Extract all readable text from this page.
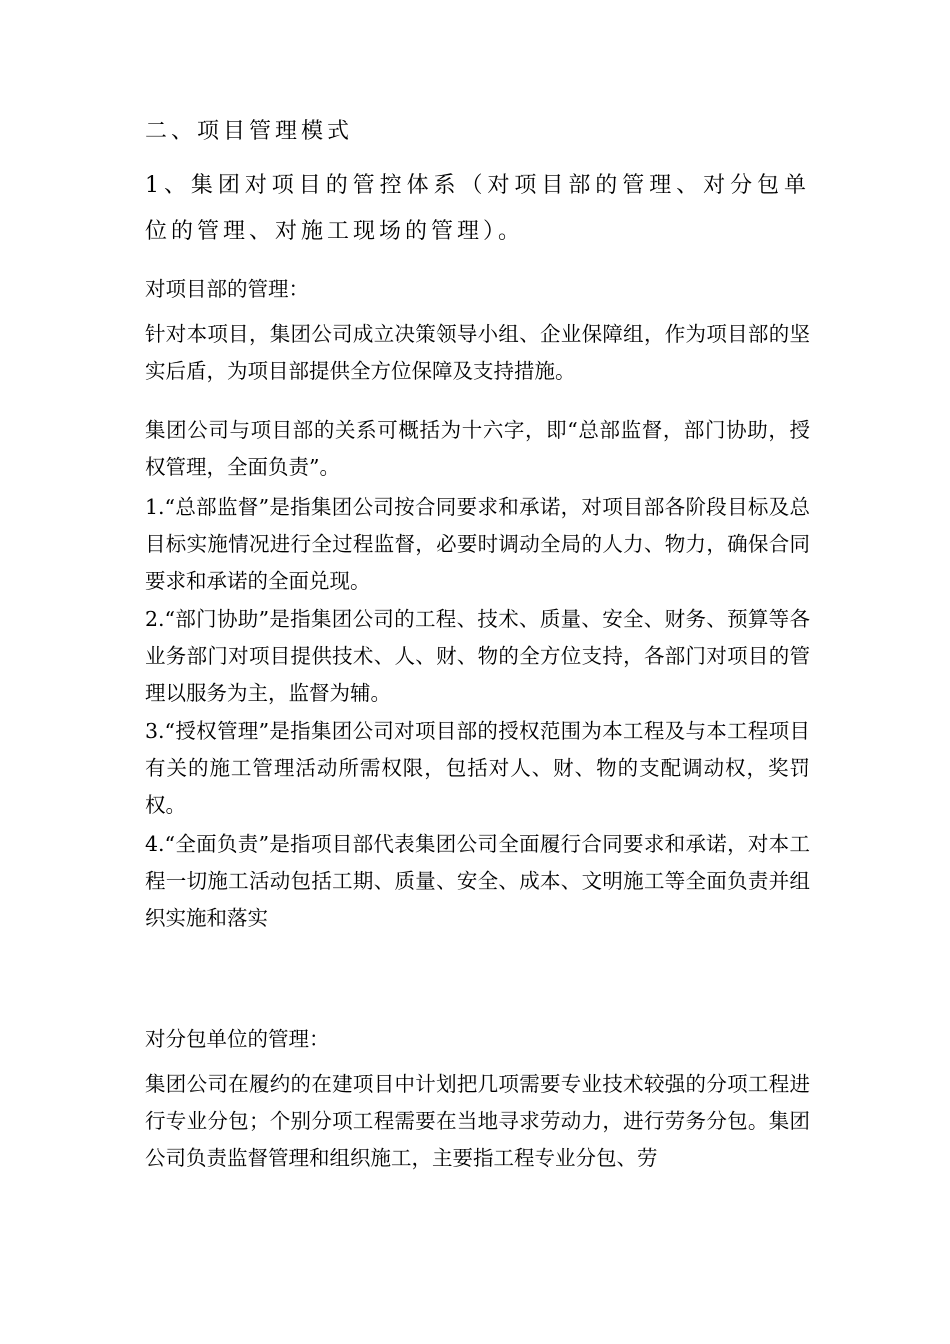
二、项目管理模式
1、集团对项目的管控体系（对项目部的管理、对分包单位的管理、对施工现场的管理）。
对项目部的管理：
针对本项目，集团公司成立决策领导小组、企业保障组，作为项目部的坚实后盾，为项目部提供全方位保障及支持措施。
集团公司与项目部的关系可概括为十六字，即“总部监督，部门协助，授权管理，全面负责”。
1.“总部监督”是指集团公司按合同要求和承诺，对项目部各阶段目标及总目标实施情况进行全过程监督，必要时调动全局的人力、物力，确保合同要求和承诺的全面兑现。
2.“部门协助”是指集团公司的工程、技术、质量、安全、财务、预算等各业务部门对项目提供技术、人、财、物的全方位支持，各部门对项目的管理以服务为主，监督为辅。
3.“授权管理”是指集团公司对项目部的授权范围为本工程及与本工程项目有关的施工管理活动所需权限，包括对人、财、物的支配调动权，奖罚权。
4.“全面负责”是指项目部代表集团公司全面履行合同要求和承诺，对本工程一切施工活动包括工期、质量、安全、成本、文明施工等全面负责并组织实施和落实
对分包单位的管理：
集团公司在履约的在建项目中计划把几项需要专业技术较强的分项工程进行专业分包；个别分项工程需要在当地寻求劳动力，进行劳务分包。集团公司负责监督管理和组织施工，主要指工程专业分包、劳
